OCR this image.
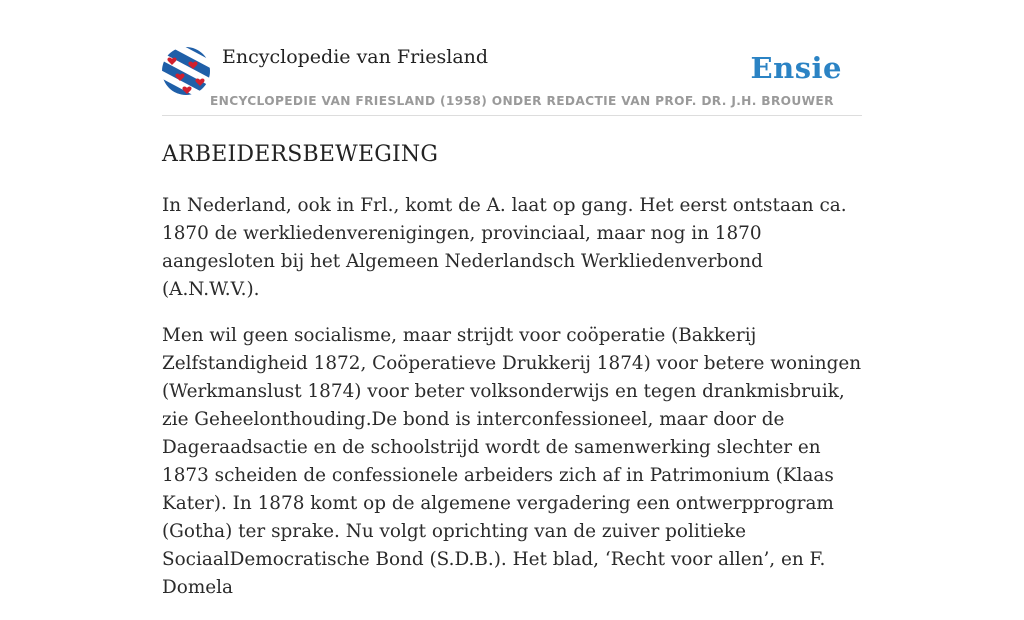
Encyclopedie van Friesland	Ensie
ENCYCLOPEDIE VAN FRIESLAND (1958) ONDER REDACTIE VAN PROF. DR. J.H. BROUWER
ARBEIDERSBEWEGING

In Nederland, ook in Frl., komt de A. laat op gang. Het eerst ontstaan ca. 1870 de werkliedenverenigingen, provinciaal, maar nog in 1870 aangesloten bij het Algemeen Nederlandsch Werkliedenverbond (A.N.W.V.).

Men wil geen socialisme, maar strijdt voor coöperatie (Bakkerij Zelfstandigheid 1872, Coöperatieve Drukkerij 1874) voor betere woningen (Werkmanslust 1874) voor beter volksonderwijs en tegen drankmisbruik, zie Geheelonthouding.De bond is interconfessioneel, maar door de Dageraadsactie en de schoolstrijd wordt de samenwerking slechter en 1873 scheiden de confessionele arbeiders zich af in Patrimonium (Klaas Kater). In 1878 komt op de algemene vergadering een ontwerpprogram (Gotha) ter sprake. Nu volgt oprichting van de zuiver politieke SociaalDemocratische Bond (S.D.B.). Het blad, ‘Recht voor allen’, en F. Domela
